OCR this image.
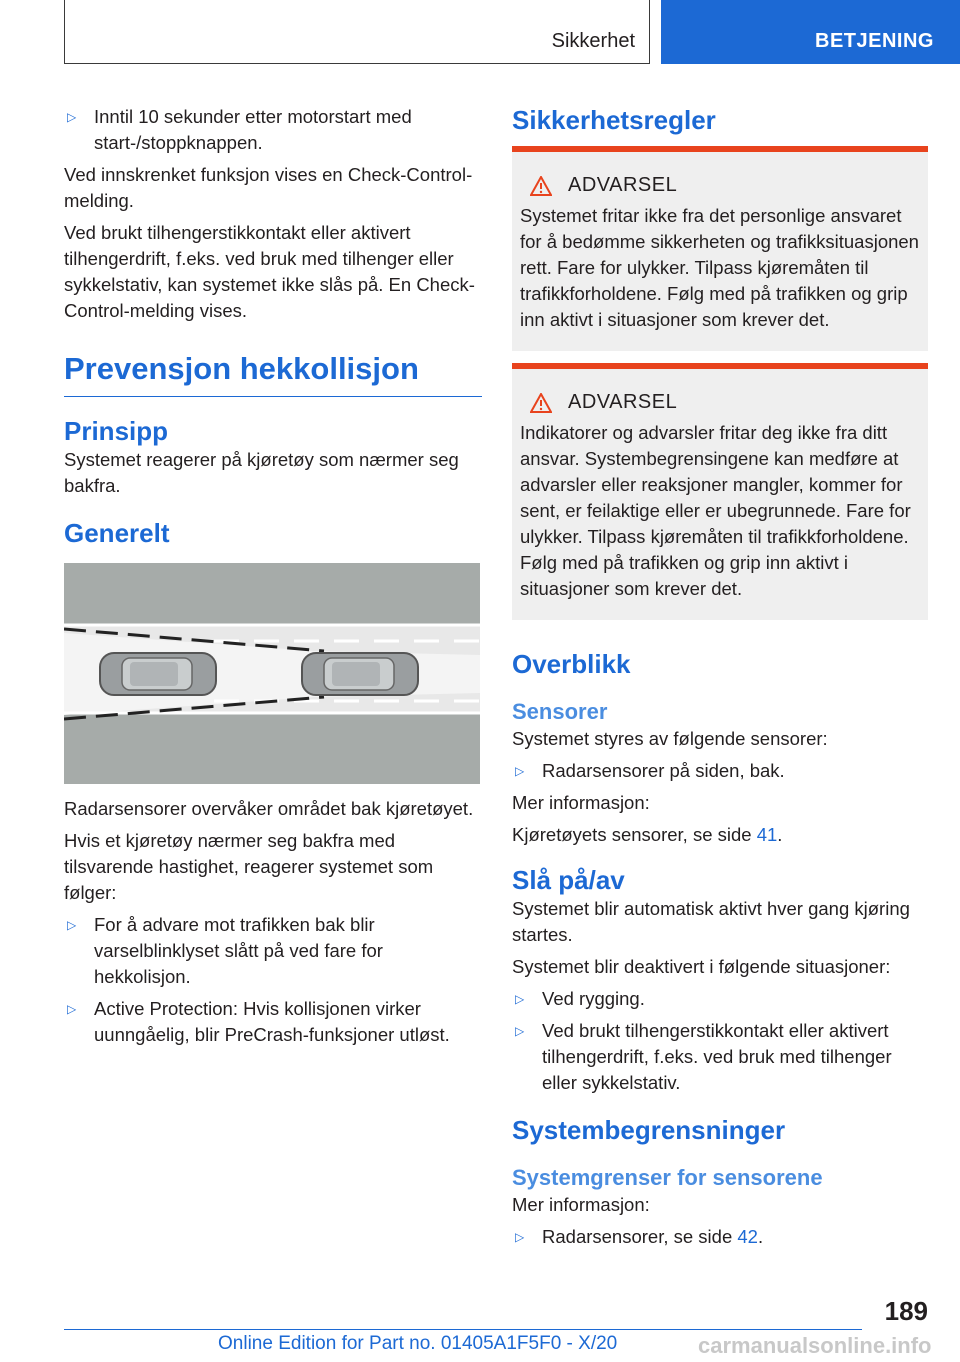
Sikkerhet	BETJENING
▷ Inntil 10 sekunder etter motorstart med start-/stoppknappen.

Ved innskrenket funksjon vises en Check-Control-melding.

Ved brukt tilhengerstikkontakt eller aktivert tilhengerdrift, f.eks. ved bruk med tilhenger eller sykkelstativ, kan systemet ikke slås på. En Check-Control-melding vises.

Prevensjon hekkollisjon
Prinsipp

Systemet reagerer på kjøretøy som nærmer seg bakfra.

Generelt

Radarsensorer overvåker området bak kjøretøyet.

Hvis et kjøretøy nærmer seg bakfra med tilsvarende hastighet, reagerer systemet som følger:

▷ For å advare mot trafikken bak blir varselblinklyset slått på ved fare for hekkolisjon.
▷ Active Protection: Hvis kollisjonen virker uunngåelig, blir PreCrash-funksjoner utløst.
Sikkerhetsregler
ADVARSEL

Systemet fritar ikke fra det personlige ansvaret for å bedømme sikkerheten og trafikksituasjonen rett. Fare for ulykker. Tilpass kjøremåten til trafikkforholdene. Følg med på trafikken og grip inn aktivt i situasjoner som krever det.

ADVARSEL

Indikatorer og advarsler fritar deg ikke fra ditt ansvar. Systembegrensingene kan medføre at advarsler eller reaksjoner mangler, kommer for sent, er feilaktige eller er ubegrunnede. Fare for ulykker. Tilpass kjøremåten til trafikkforholdene. Følg med på trafikken og grip inn aktivt i situasjoner som krever det.

Overblikk
Sensorer

Systemet styres av følgende sensorer:

▷ Radarsensorer på siden, bak.

Mer informasjon:

Kjøretøyets sensorer, se side 41.

Slå på/av

Systemet blir automatisk aktivt hver gang kjøring startes.

Systemet blir deaktivert i følgende situasjoner:

▷ Ved rygging.
▷ Ved brukt tilhengerstikkontakt eller aktivert tilhengerdrift, f.eks. ved bruk med tilhenger eller sykkelstativ.
Systembegrensninger
Systemgrenser for sensorene

Mer informasjon:

▷ Radarsensorer, se side 42.
189
Online Edition for Part no. 01405A1F5F0 - X/20	carmanualsonline.info
